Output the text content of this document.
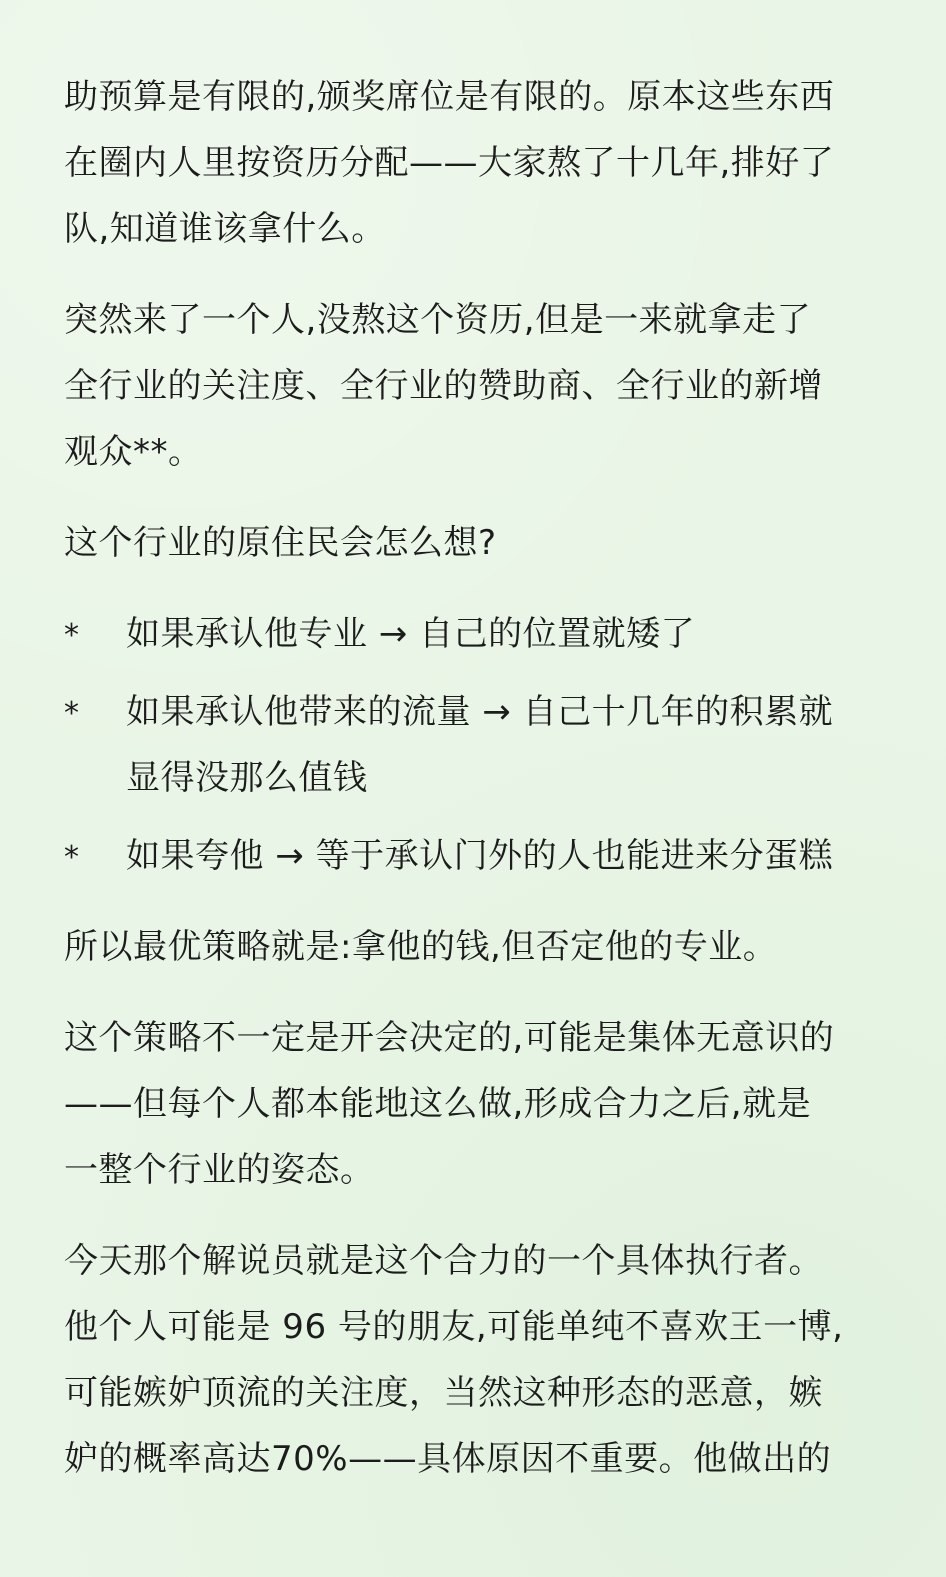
助预算是有限的,颁奖席位是有限的。原本这些东西
在圈内人里按资历分配——大家熬了十几年,排好了
队,知道谁该拿什么。

突然来了一个人,没熬这个资历,但是一来就拿走了
全行业的关注度、全行业的赞助商、全行业的新增
观众**。

这个行业的原住民会怎么想?

* 如果承认他专业 → 自己的位置就矮了
* 如果承认他带来的流量 → 自己十几年的积累就
显得没那么值钱
* 如果夸他 → 等于承认门外的人也能进来分蛋糕

所以最优策略就是:拿他的钱,但否定他的专业。

这个策略不一定是开会决定的,可能是集体无意识的
——但每个人都本能地这么做,形成合力之后,就是
一整个行业的姿态。

今天那个解说员就是这个合力的一个具体执行者。
他个人可能是 96 号的朋友,可能单纯不喜欢王一博,
可能嫉妒顶流的关注度，当然这种形态的恶意，嫉
妒的概率高达70%——具体原因不重要。他做出的
